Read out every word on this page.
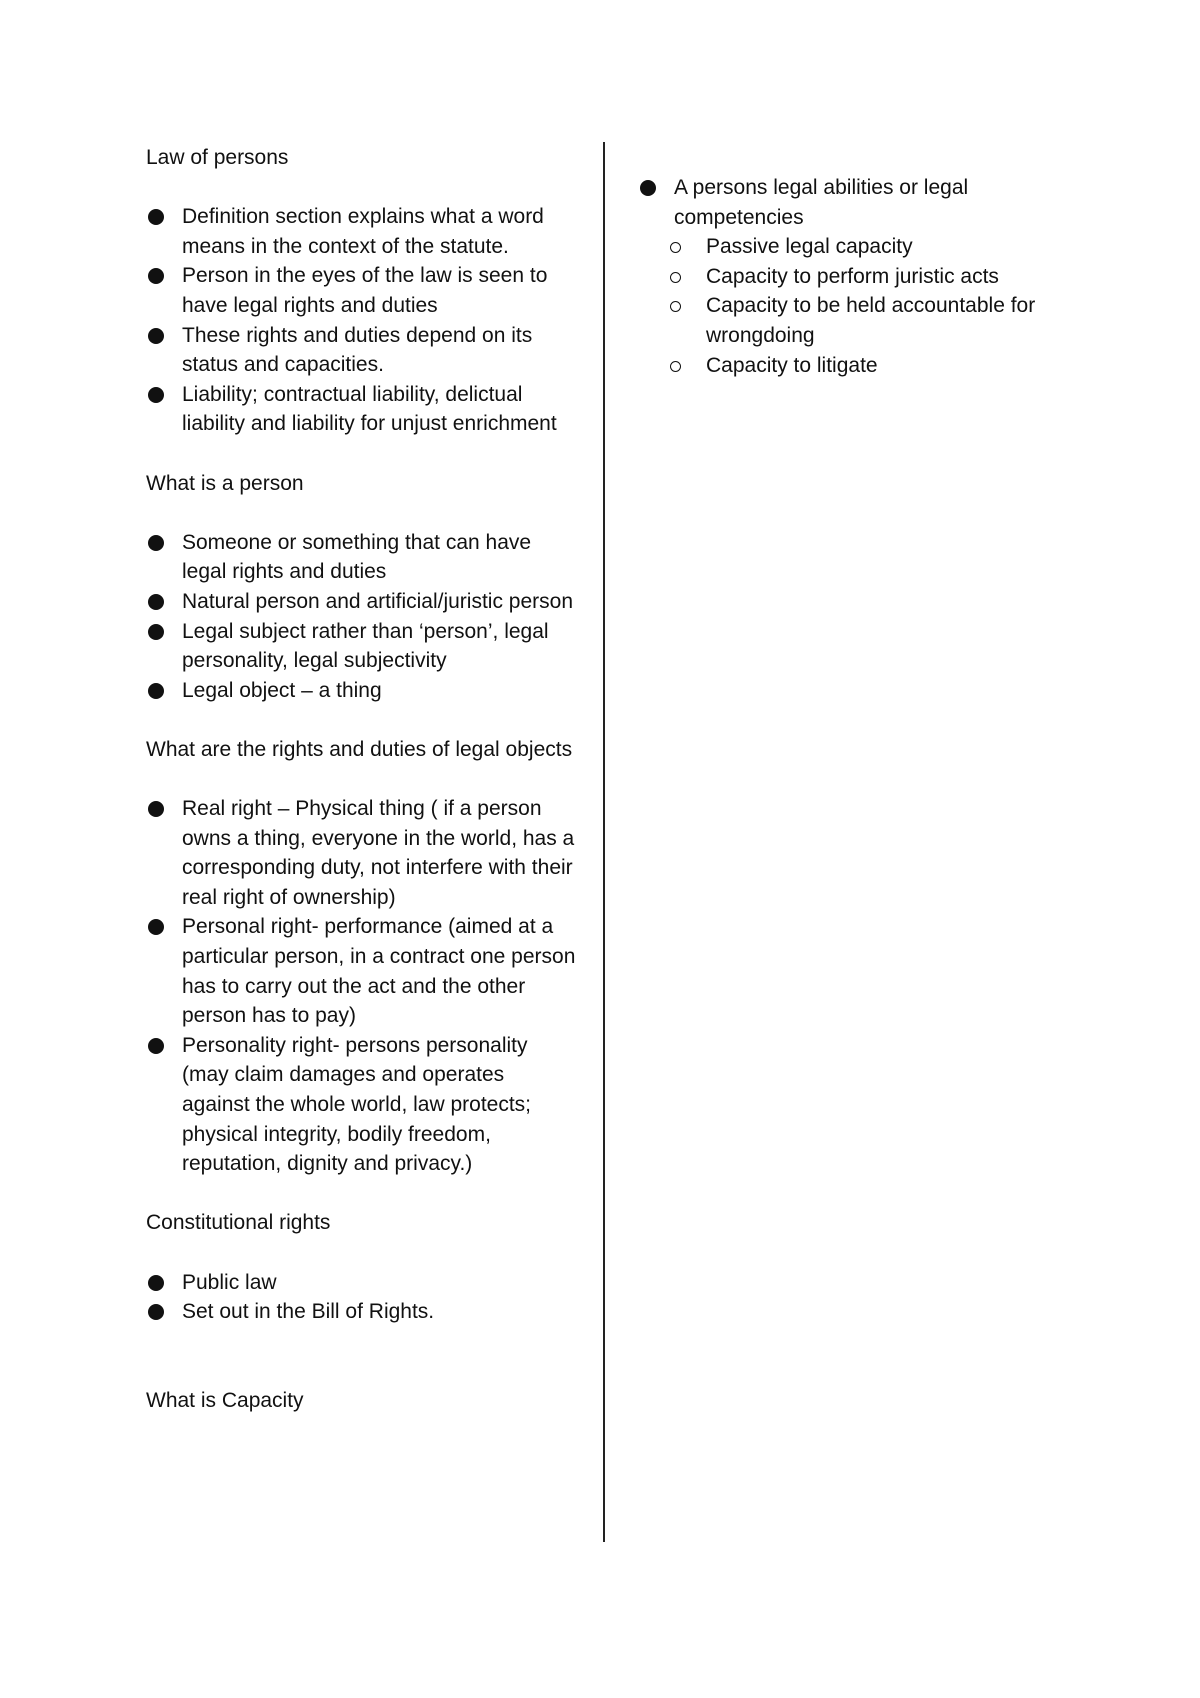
Law of persons
Definition section explains what a word means in the context of the statute.
Person in the eyes of the law is seen to have legal rights and duties
These rights and duties depend on its status and capacities.
Liability; contractual liability, delictual liability and liability for unjust enrichment
What is a person
Someone or something that can have legal rights and duties
Natural person and artificial/juristic person
Legal subject rather than ‘person’, legal personality, legal subjectivity
Legal object – a thing
What are the rights and duties of legal objects
Real right – Physical thing ( if a person owns a thing, everyone in the world, has a corresponding duty, not interfere with their real right of ownership)
Personal right- performance (aimed at a particular person, in a contract one person has to carry out the act and the other person has to pay)
Personality right- persons personality (may claim damages and operates against the whole world, law protects; physical integrity, bodily freedom, reputation, dignity and privacy.)
Constitutional rights
Public law
Set out in the Bill of Rights.
What is Capacity
A persons legal abilities or legal competencies
Passive legal capacity
Capacity to perform juristic acts
Capacity to be held accountable for wrongdoing
Capacity to litigate
